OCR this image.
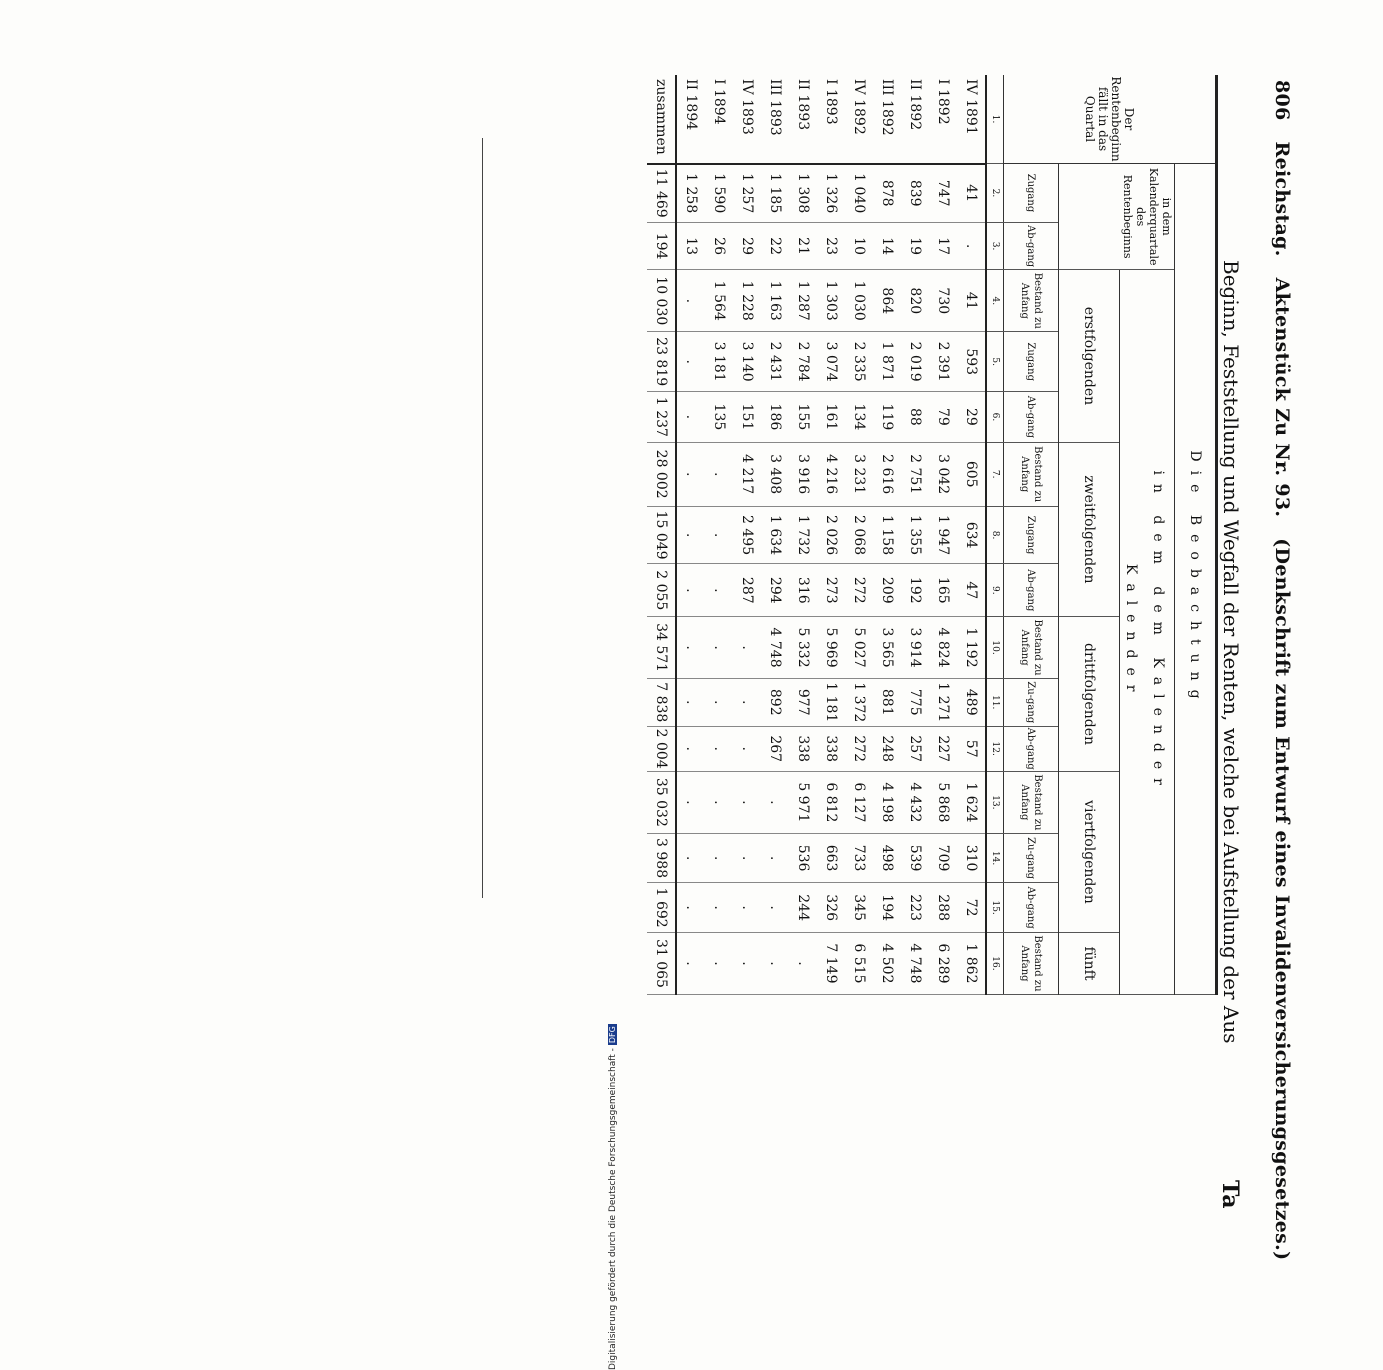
806 Reichstag. Aktenstück Zu Nr. 93. (Denkschrift zum Entwurf eines Invalidenversicherungsgesetzes.)
Beginn, Feststellung und Wegfall der Renten, welche bei Aufstellung der Aus
Ta
Der Rentenbeginn fällt in das Quartal	Die Beobachtung														
	in dem Kalenderquartale des Rentenbeginns		in dem dem Kalender												
			Kalender												
			erstfolgenden			zweitfolgenden			drittfolgenden			viertfolgenden			fünft
	Zugang	Ab-gang	Bestand zu Anfang	Zugang	Ab-gang	Bestand zu Anfang	Zugang	Ab-gang	Bestand zu Anfang	Zu-gang	Ab-gang	Bestand zu Anfang	Zu-gang	Ab-gang	Bestand zu Anfang
1.	2.	3.	4.	5.	6.	7.	8.	9.	10.	11.	12.	13.	14.	15.	16.
IV 1891	41	.	41	593	29	605	634	47	1 192	489	57	1 624	310	72	1 862
I 1892	747	17	730	2 391	79	3 042	1 947	165	4 824	1 271	227	5 868	709	288	6 289
II 1892	839	19	820	2 019	88	2 751	1 355	192	3 914	775	257	4 432	539	223	4 748
III 1892	878	14	864	1 871	119	2 616	1 158	209	3 565	881	248	4 198	498	194	4 502
IV 1892	1 040	10	1 030	2 335	134	3 231	2 068	272	5 027	1 372	272	6 127	733	345	6 515
I 1893	1 326	23	1 303	3 074	161	4 216	2 026	273	5 969	1 181	338	6 812	663	326	7 149
II 1893	1 308	21	1 287	2 784	155	3 916	1 732	316	5 332	977	338	5 971	536	244	.
III 1893	1 185	22	1 163	2 431	186	3 408	1 634	294	4 748	892	267	.	.	.	.
IV 1893	1 257	29	1 228	3 140	151	4 217	2 495	287	.	.	.	.	.	.	.
I 1894	1 590	26	1 564	3 181	135	.	.	.	.	.	.	.	.	.	.
II 1894	1 258	13	.	.	.	.	.	.	.	.	.	.	.	.	.
zusammen	11 469	194	10 030	23 819	1 237	28 002	15 049	2 055	34 571	7 838	2 004	35 032	3 988	1 692	31 065
Digitalisierung gefördert durch die Deutsche Forschungsgemeinschaft -DFG
